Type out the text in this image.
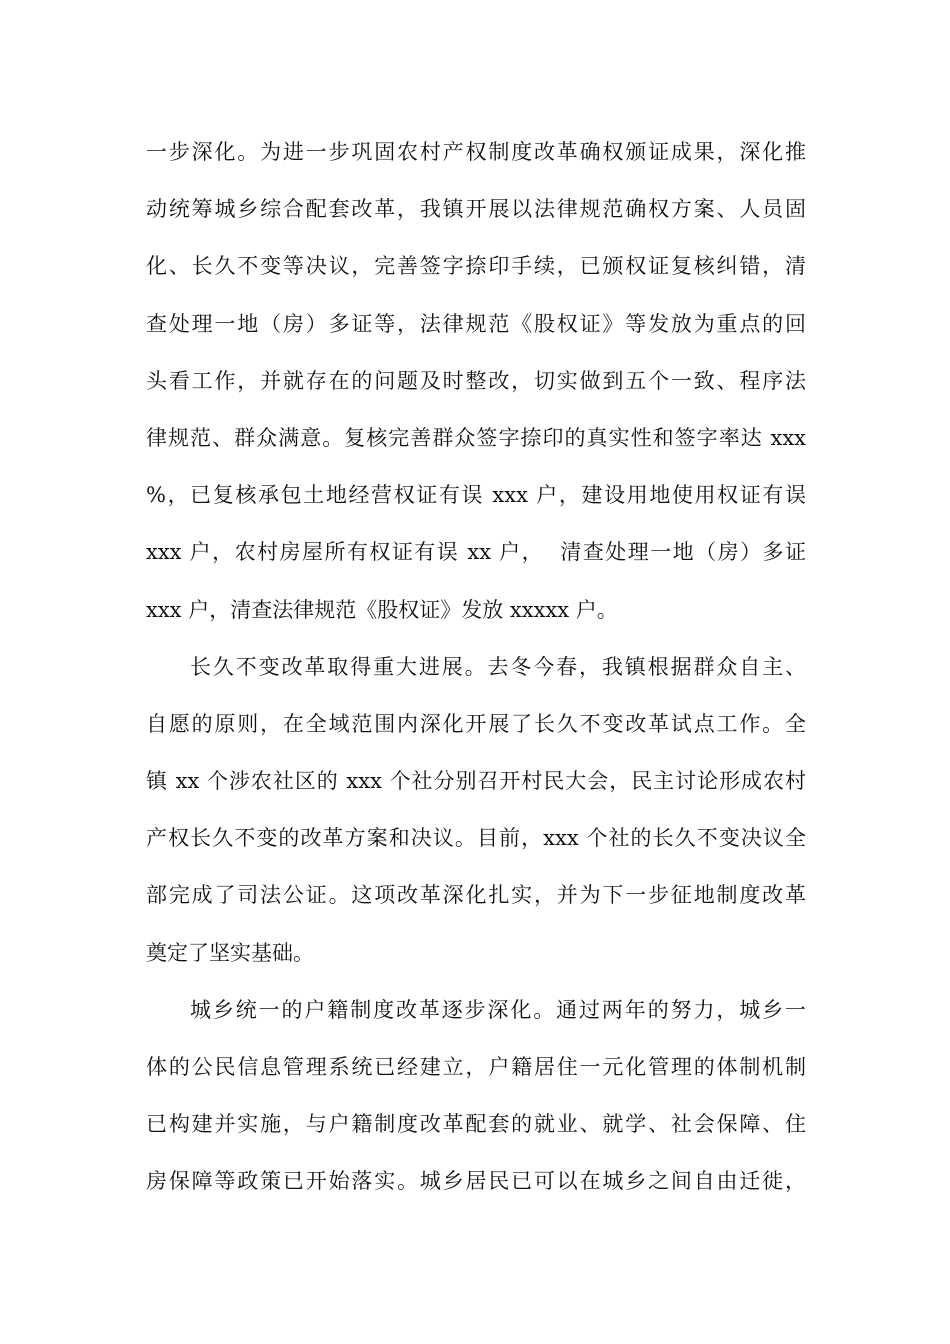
一步深化。为进一步巩固农村产权制度改革确权颁证成果，深化推
动统筹城乡综合配套改革，我镇开展以法律规范确权方案、人员固
化、长久不变等决议，完善签字捺印手续，已颁权证复核纠错，清
查处理一地（房）多证等，法律规范《股权证》等发放为重点的回
头看工作，并就存在的问题及时整改，切实做到五个一致、程序法
律规范、群众满意。复核完善群众签字捺印的真实性和签字率达 xxx
%，已复核承包土地经营权证有误 xxx 户，建设用地使用权证有误
xxx 户，农村房屋所有权证有误 xx 户，  清查处理一地（房）多证
xxx 户，清查法律规范《股权证》发放 xxxxx 户。
长久不变改革取得重大进展。去冬今春，我镇根据群众自主、
自愿的原则，在全域范围内深化开展了长久不变改革试点工作。全
镇 xx 个涉农社区的 xxx 个社分别召开村民大会，民主讨论形成农村
产权长久不变的改革方案和决议。目前，xxx 个社的长久不变决议全
部完成了司法公证。这项改革深化扎实，并为下一步征地制度改革
奠定了坚实基础。
城乡统一的户籍制度改革逐步深化。通过两年的努力，城乡一
体的公民信息管理系统已经建立，户籍居住一元化管理的体制机制
已构建并实施，与户籍制度改革配套的就业、就学、社会保障、住
房保障等政策已开始落实。城乡居民已可以在城乡之间自由迁徙，
